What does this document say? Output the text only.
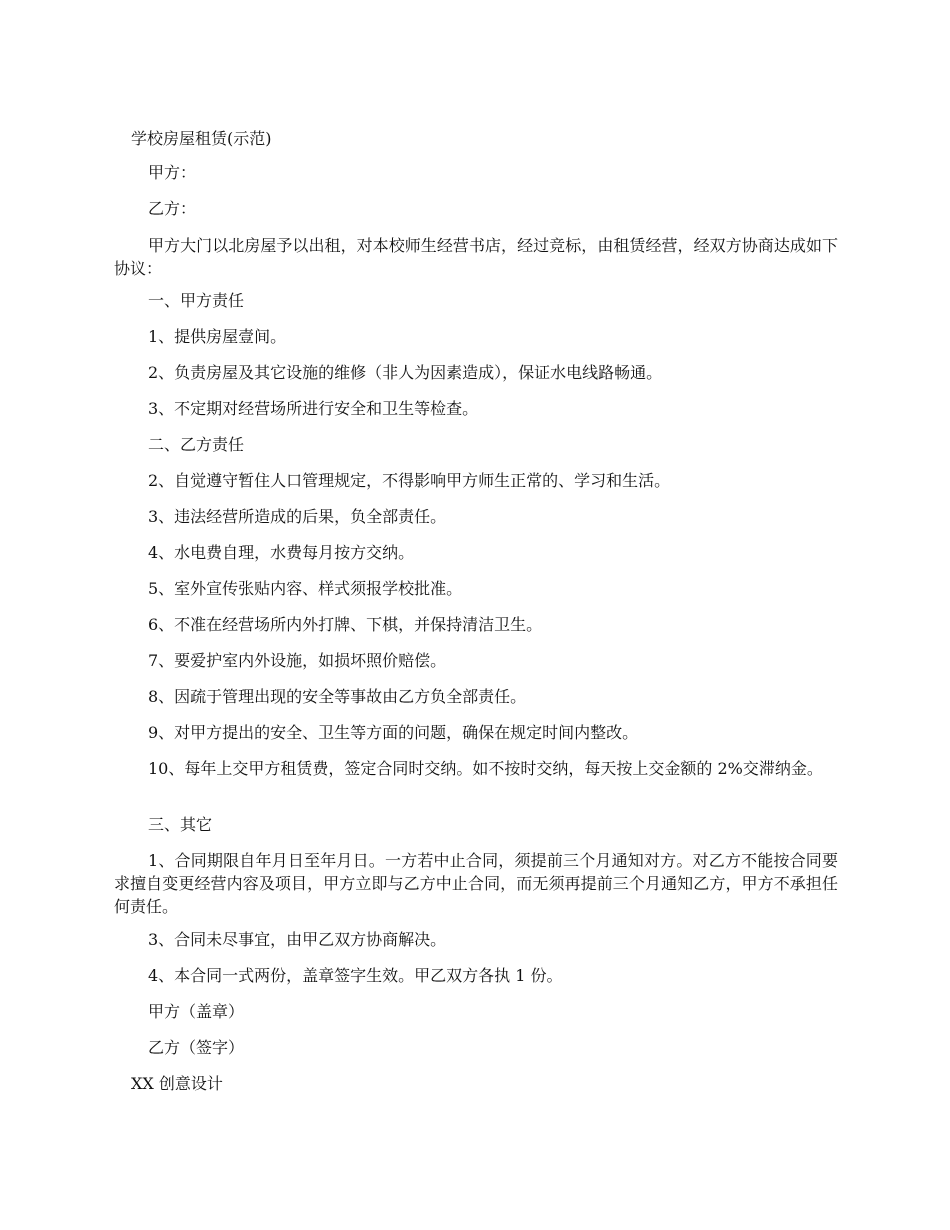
学校房屋租赁(示范)
甲方：
乙方：
甲方大门以北房屋予以出租，对本校师生经营书店，经过竞标，由租赁经营，经双方协商达成如下协议：
一、甲方责任
1、提供房屋壹间。
2、负责房屋及其它设施的维修（非人为因素造成），保证水电线路畅通。
3、不定期对经营场所进行安全和卫生等检查。
二、乙方责任
2、自觉遵守暂住人口管理规定，不得影响甲方师生正常的、学习和生活。
3、违法经营所造成的后果，负全部责任。
4、水电费自理，水费每月按方交纳。
5、室外宣传张贴内容、样式须报学校批准。
6、不准在经营场所内外打牌、下棋，并保持清洁卫生。
7、要爱护室内外设施，如损坏照价赔偿。
8、因疏于管理出现的安全等事故由乙方负全部责任。
9、对甲方提出的安全、卫生等方面的问题，确保在规定时间内整改。
10、每年上交甲方租赁费，签定合同时交纳。如不按时交纳，每天按上交金额的 2%交滞纳金。
三、其它
1、合同期限自年月日至年月日。一方若中止合同，须提前三个月通知对方。对乙方不能按合同要求擅自变更经营内容及项目，甲方立即与乙方中止合同，而无须再提前三个月通知乙方，甲方不承担任何责任。
3、合同未尽事宜，由甲乙双方协商解决。
4、本合同一式两份，盖章签字生效。甲乙双方各执 1 份。
甲方（盖章）
乙方（签字）
XX 创意设计
